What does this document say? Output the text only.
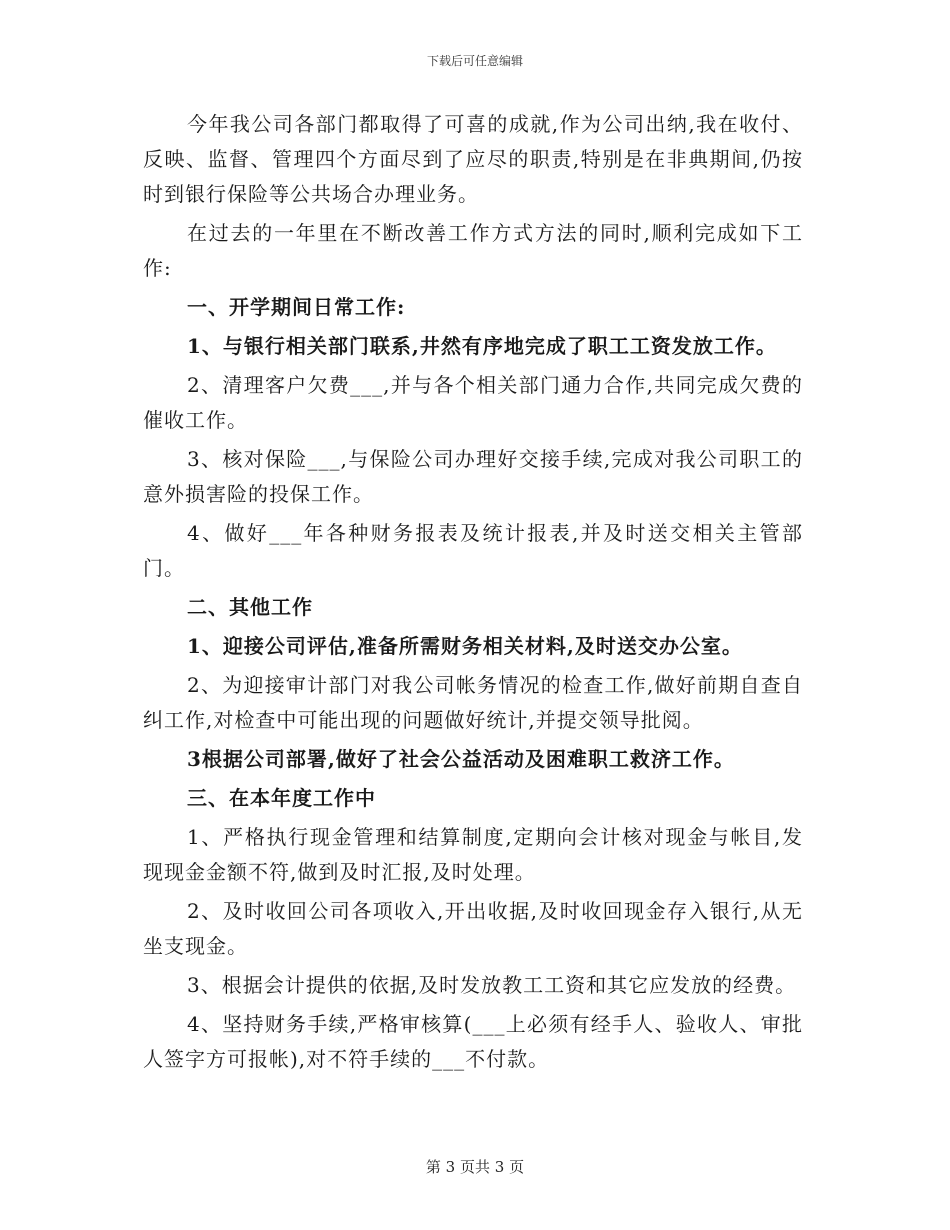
下载后可任意编辑

今年我公司各部门都取得了可喜的成就,作为公司出纳,我在收付、反映、监督、管理四个方面尽到了应尽的职责,特别是在非典期间,仍按时到银行保险等公共场合办理业务。

在过去的一年里在不断改善工作方式方法的同时,顺利完成如下工作:

一、开学期间日常工作:

1、与银行相关部门联系,井然有序地完成了职工工资发放工作。

2、清理客户欠费___,并与各个相关部门通力合作,共同完成欠费的催收工作。

3、核对保险___,与保险公司办理好交接手续,完成对我公司职工的意外损害险的投保工作。

4、做好___年各种财务报表及统计报表,并及时送交相关主管部门。

二、其他工作

1、迎接公司评估,准备所需财务相关材料,及时送交办公室。

2、为迎接审计部门对我公司帐务情况的检查工作,做好前期自查自纠工作,对检查中可能出现的问题做好统计,并提交领导批阅。

3根据公司部署,做好了社会公益活动及困难职工救济工作。

三、在本年度工作中

1、严格执行现金管理和结算制度,定期向会计核对现金与帐目,发现现金金额不符,做到及时汇报,及时处理。

2、及时收回公司各项收入,开出收据,及时收回现金存入银行,从无坐支现金。

3、根据会计提供的依据,及时发放教工工资和其它应发放的经费。

4、坚持财务手续,严格审核算(___上必须有经手人、验收人、审批人签字方可报帐),对不符手续的___不付款。

第 3 页共 3 页
